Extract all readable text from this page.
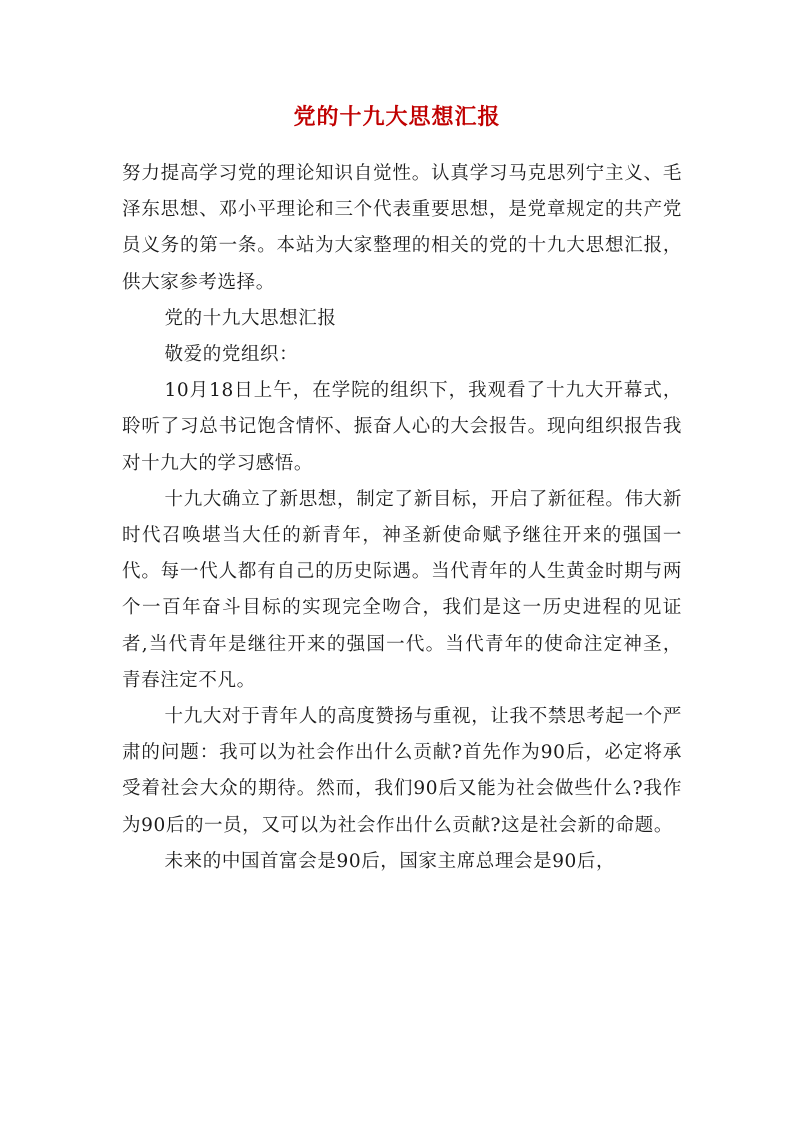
党的十九大思想汇报

努力提高学习党的理论知识自觉性。认真学习马克思列宁主义、毛泽东思想、邓小平理论和三个代表重要思想，是党章规定的共产党员义务的第一条。本站为大家整理的相关的党的十九大思想汇报，供大家参考选择。

党的十九大思想汇报

敬爱的党组织：

10月18日上午，在学院的组织下，我观看了十九大开幕式，聆听了习总书记饱含情怀、振奋人心的大会报告。现向组织报告我对十九大的学习感悟。

十九大确立了新思想，制定了新目标，开启了新征程。伟大新时代召唤堪当大任的新青年，神圣新使命赋予继往开来的强国一代。每一代人都有自己的历史际遇。当代青年的人生黄金时期与两个一百年奋斗目标的实现完全吻合，我们是这一历史进程的见证者,当代青年是继往开来的强国一代。当代青年的使命注定神圣，青春注定不凡。

十九大对于青年人的高度赞扬与重视，让我不禁思考起一个严肃的问题：我可以为社会作出什么贡献?首先作为90后，必定将承受着社会大众的期待。然而，我们90后又能为社会做些什么?我作为90后的一员，又可以为社会作出什么贡献?这是社会新的命题。

未来的中国首富会是90后，国家主席总理会是90后，
